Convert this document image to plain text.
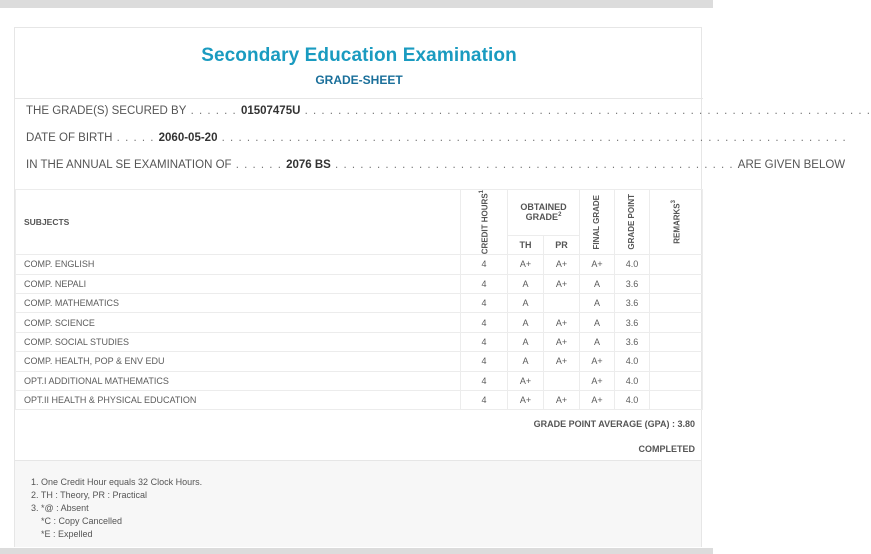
Secondary Education Examination
GRADE-SHEET
THE GRADE(S) SECURED BY . . . . . . 01507475U . . . . . . . . . . . . . . . . . . . . . . . . . . . . . . . . . . . . . . . . . . . . . . . . . . . . . . . . . . . . . . . . . . . .
DATE OF BIRTH . . . . . 2060-05-20 . . . . . . . . . . . . . . . . . . . . . . . . . . . . . . . . . . . . . . . . . . . . . . . . . . . . . . . . . . . . . . . . . . . . . . . . . . .
IN THE ANNUAL SE EXAMINATION OF . . . . . . 2076 BS . . . . . . . . . . . . . . . . . . . . . . . . . . . . . . . . . . . . . . . . . . . . . . . . ARE GIVEN BELOW
SUBJECTS	CREDIT HOURS$^1$	OBTAINED GRADE$^2$		FINAL GRADE	GRADE POINT	REMARKS$^3$

		TH	PR			
COMP. ENGLISH	4	A+	A+	A+	4.0	
COMP. NEPALI	4	A	A+	A	3.6	
COMP. MATHEMATICS	4	A		A	3.6	
COMP. SCIENCE	4	A	A+	A	3.6	
COMP. SOCIAL STUDIES	4	A	A+	A	3.6	
COMP. HEALTH, POP & ENV EDU	4	A	A+	A+	4.0	
OPT.I ADDITIONAL MATHEMATICS	4	A+		A+	4.0	
OPT.II HEALTH & PHYSICAL EDUCATION	4	A+	A+	A+	4.0	
GRADE POINT AVERAGE (GPA) : 3.80
COMPLETED
1. One Credit Hour equals 32 Clock Hours.
2. TH : Theory, PR : Practical
3. *@ : Absent
*C : Copy Cancelled
*E : Expelled
